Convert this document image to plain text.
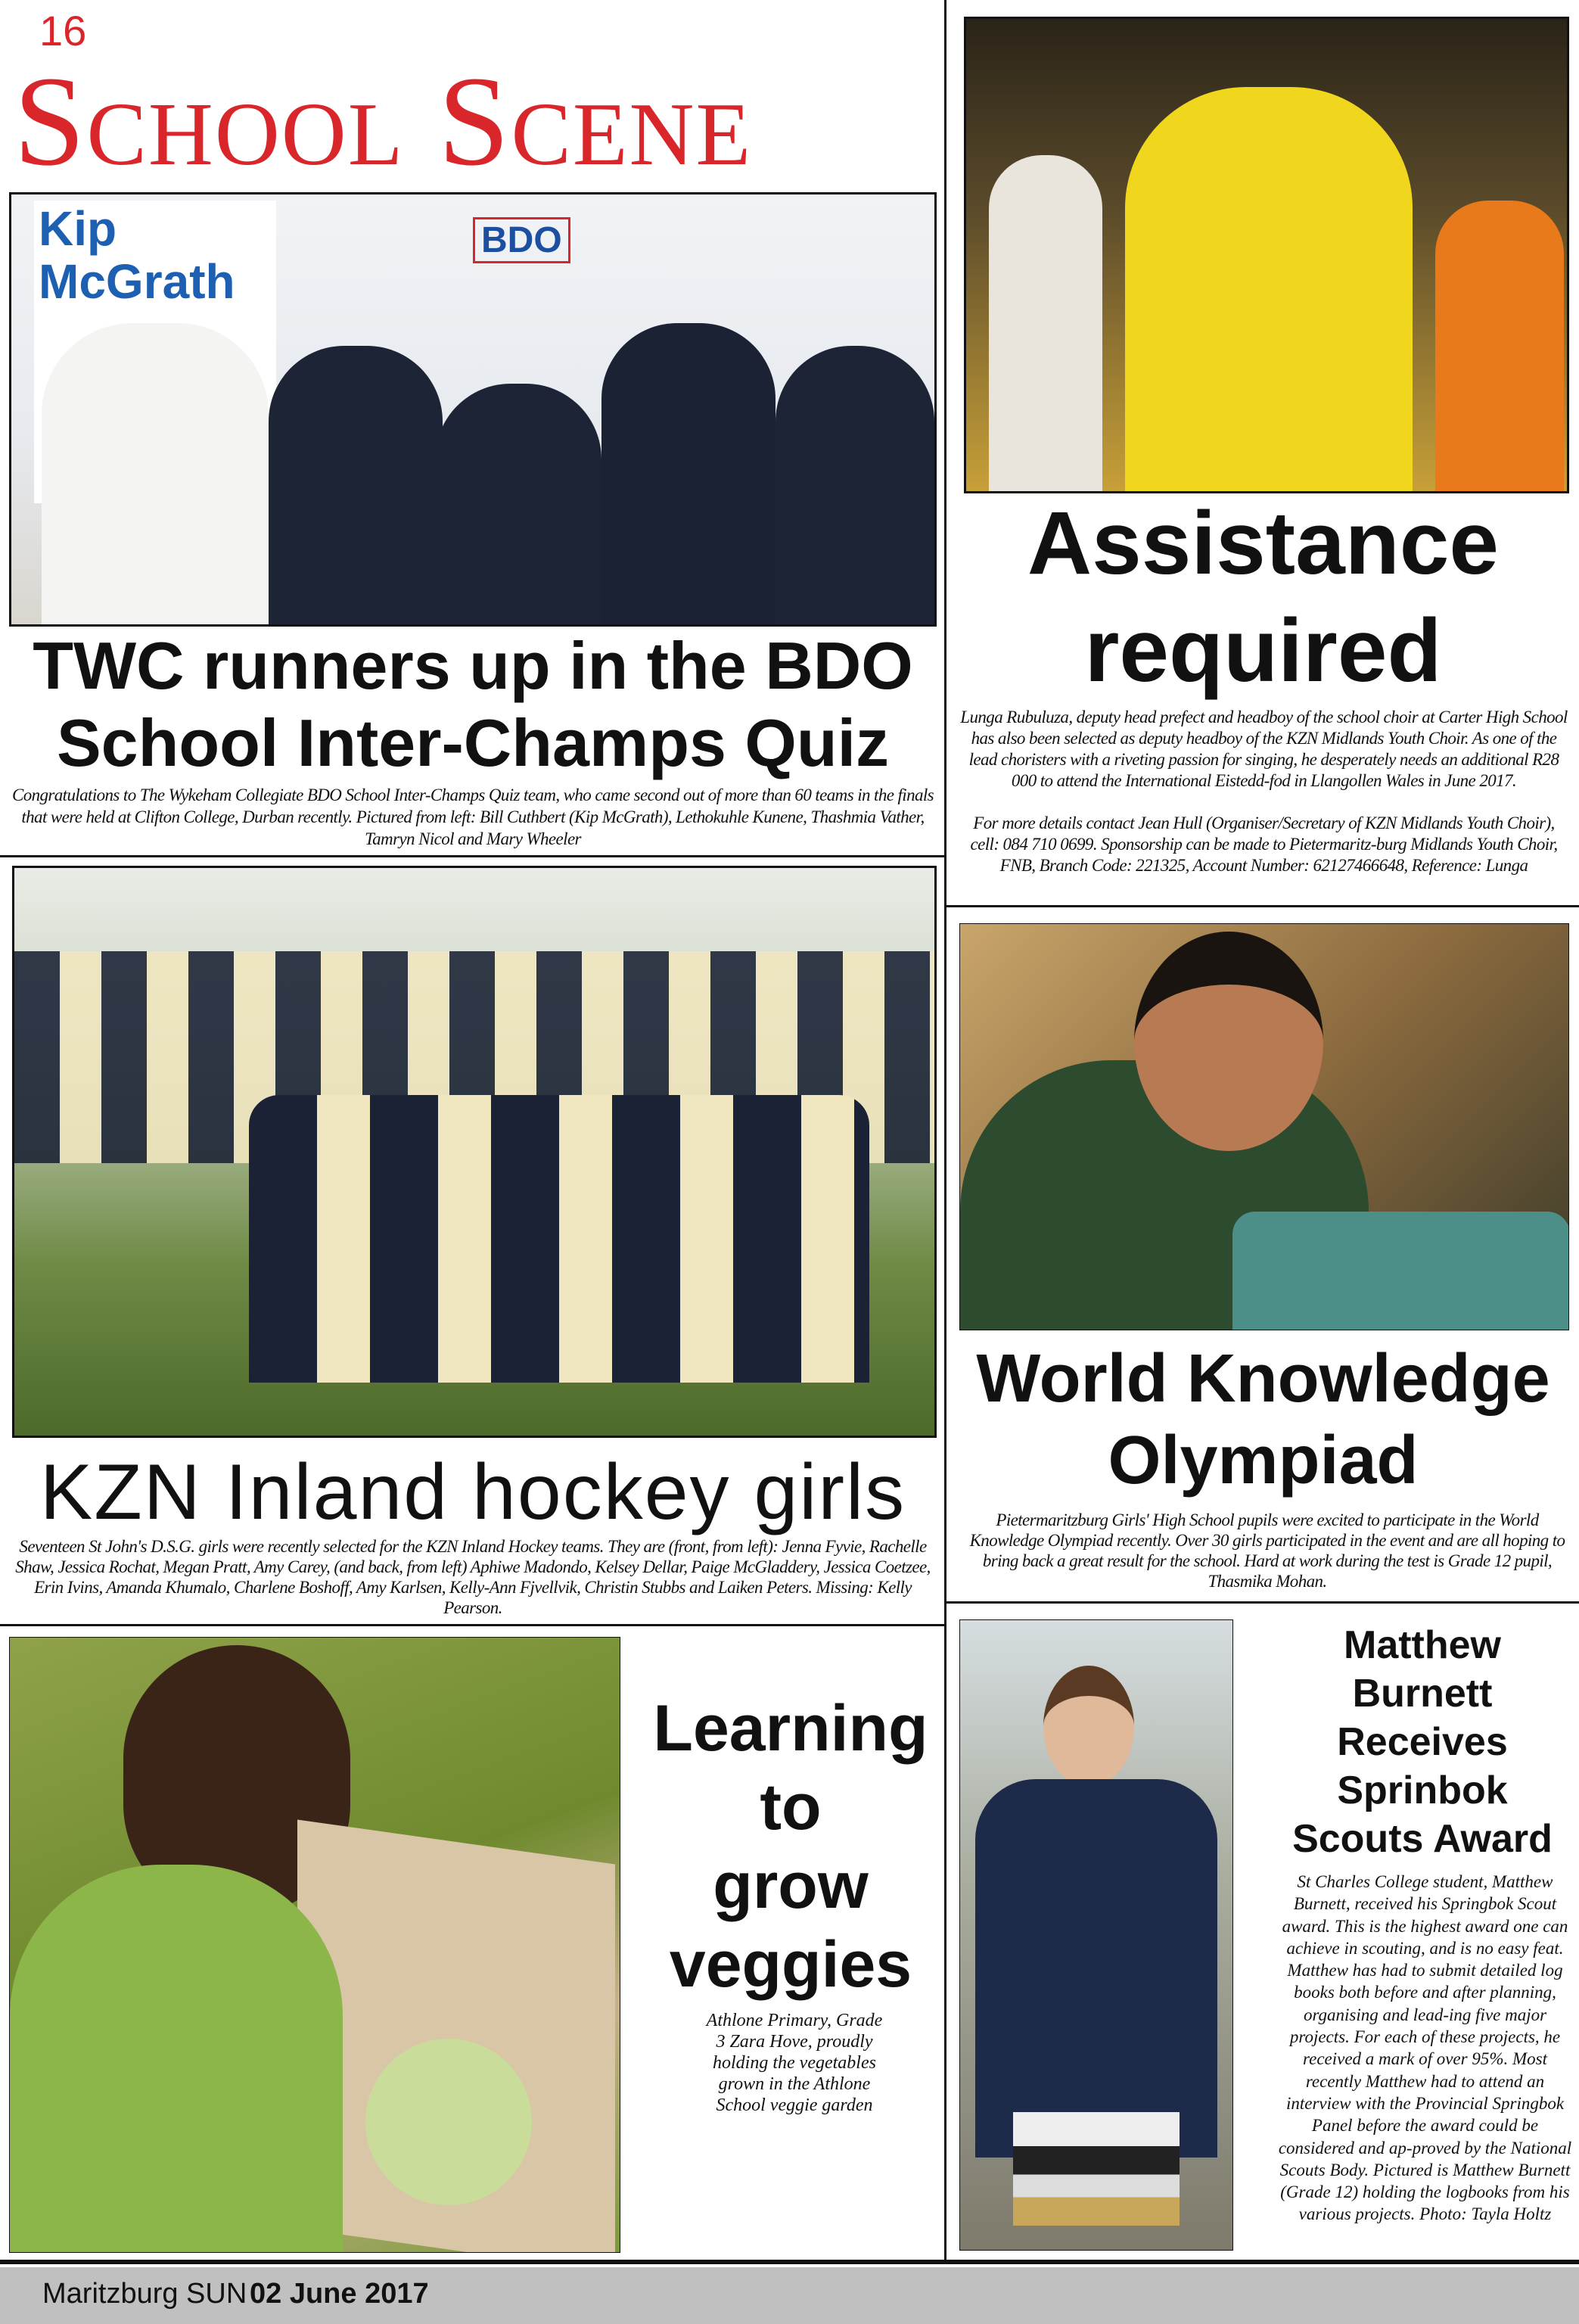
16
School Scene
Kip McGrath
BDO
TWC runners up in the BDO
School Inter-Champs Quiz
Congratulations to The Wykeham Collegiate BDO School Inter-Champs Quiz team, who came second out of more than 60 teams in the finals that were held at Clifton College, Durban recently. Pictured from left: Bill Cuthbert (Kip McGrath), Lethokuhle Kunene, Thashmia Vather, Tamryn Nicol and Mary Wheeler
KZN Inland hockey girls
Seventeen St John's D.S.G. girls were recently selected for the KZN Inland Hockey teams. They are (front, from left): Jenna Fyvie, Rachelle Shaw, Jessica Rochat, Megan Pratt, Amy Carey, (and back, from left) Aphiwe Madondo, Kelsey Dellar, Paige McGladdery, Jessica Coetzee, Erin Ivins, Amanda Khumalo, Charlene Boshoff, Amy Karlsen, Kelly-Ann Fjvellvik, Christin Stubbs and Laiken Peters. Missing: Kelly Pearson.
Learning
to
grow
veggies
Athlone Primary, Grade 3 Zara Hove, proudly holding the vegetables grown in the Athlone School veggie garden
Assistance
required
Lunga Rubuluza, deputy head prefect and headboy of the school choir at Carter High School has also been selected as deputy headboy of the KZN Midlands Youth Choir. As one of the lead choristers with a riveting passion for singing, he desperately needs an additional R28 000 to attend the International Eistedd-fod in Llangollen Wales in June 2017.
For more details contact Jean Hull (Organiser/Secretary of KZN Midlands Youth Choir), cell: 084 710 0699. Sponsorship can be made to Pietermaritz-burg Midlands Youth Choir, FNB, Branch Code: 221325, Account Number: 62127466648, Reference: Lunga
World Knowledge
Olympiad
Pietermaritzburg Girls' High School pupils were excited to participate in the World Knowledge Olympiad recently. Over 30 girls participated in the event and are all hoping to bring back a great result for the school. Hard at work during the test is Grade 12 pupil, Thasmika Mohan.
Matthew
Burnett
Receives
Sprinbok
Scouts Award
St Charles College student, Matthew Burnett, received his Springbok Scout award. This is the highest award one can achieve in scouting, and is no easy feat. Matthew has had to submit detailed log books both before and after planning, organising and lead-ing five major projects. For each of these projects, he received a mark of over 95%. Most recently Matthew had to attend an interview with the Provincial Springbok Panel before the award could be considered and ap-proved by the National Scouts Body. Pictured is Matthew Burnett (Grade 12) holding the logbooks from his various projects. Photo: Tayla Holtz
Maritzburg SUN 02 June 2017
